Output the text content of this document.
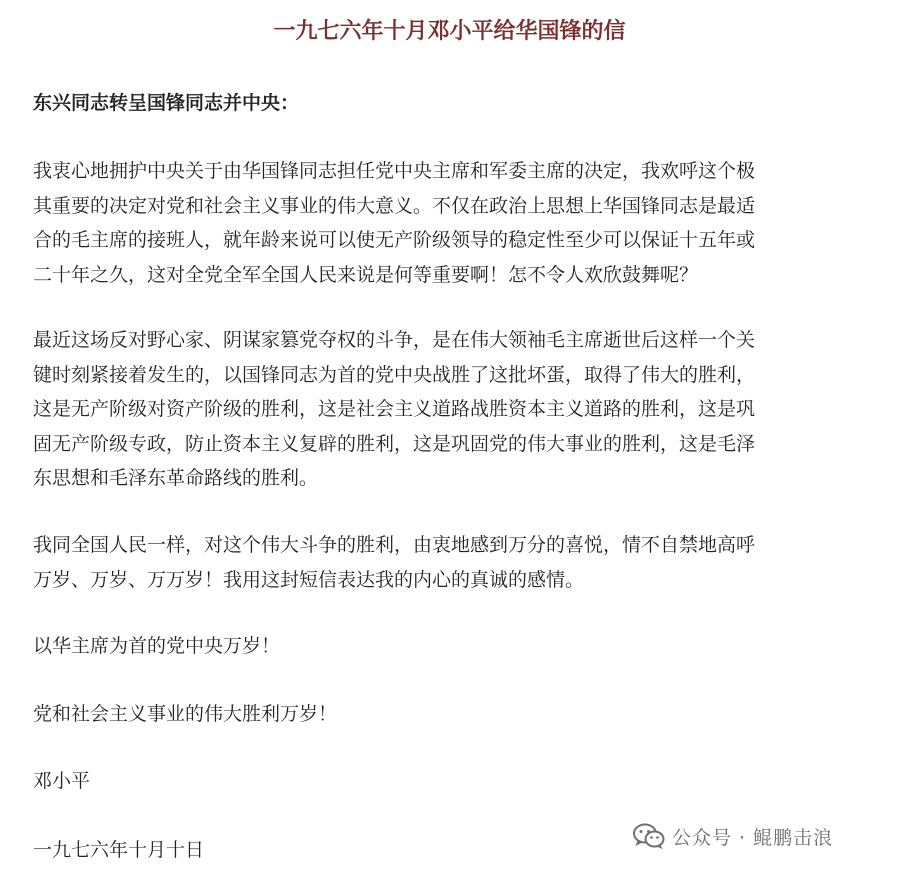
一九七六年十月邓小平给华国锋的信
东兴同志转呈国锋同志并中央：
我衷心地拥护中央关于由华国锋同志担任党中央主席和军委主席的决定，我欢呼这个极
其重要的决定对党和社会主义事业的伟大意义。不仅在政治上思想上华国锋同志是最适
合的毛主席的接班人，就年龄来说可以使无产阶级领导的稳定性至少可以保证十五年或
二十年之久，这对全党全军全国人民来说是何等重要啊！怎不令人欢欣鼓舞呢？
最近这场反对野心家、阴谋家篡党夺权的斗争，是在伟大领袖毛主席逝世后这样一个关
键时刻紧接着发生的，以国锋同志为首的党中央战胜了这批坏蛋，取得了伟大的胜利，
这是无产阶级对资产阶级的胜利，这是社会主义道路战胜资本主义道路的胜利，这是巩
固无产阶级专政，防止资本主义复辟的胜利，这是巩固党的伟大事业的胜利，这是毛泽
东思想和毛泽东革命路线的胜利。
我同全国人民一样，对这个伟大斗争的胜利，由衷地感到万分的喜悦，情不自禁地高呼
万岁、万岁、万万岁！我用这封短信表达我的内心的真诚的感情。
以华主席为首的党中央万岁！
党和社会主义事业的伟大胜利万岁！
邓小平
一九七六年十月十日
公众号 · 鲲鹏击浪
